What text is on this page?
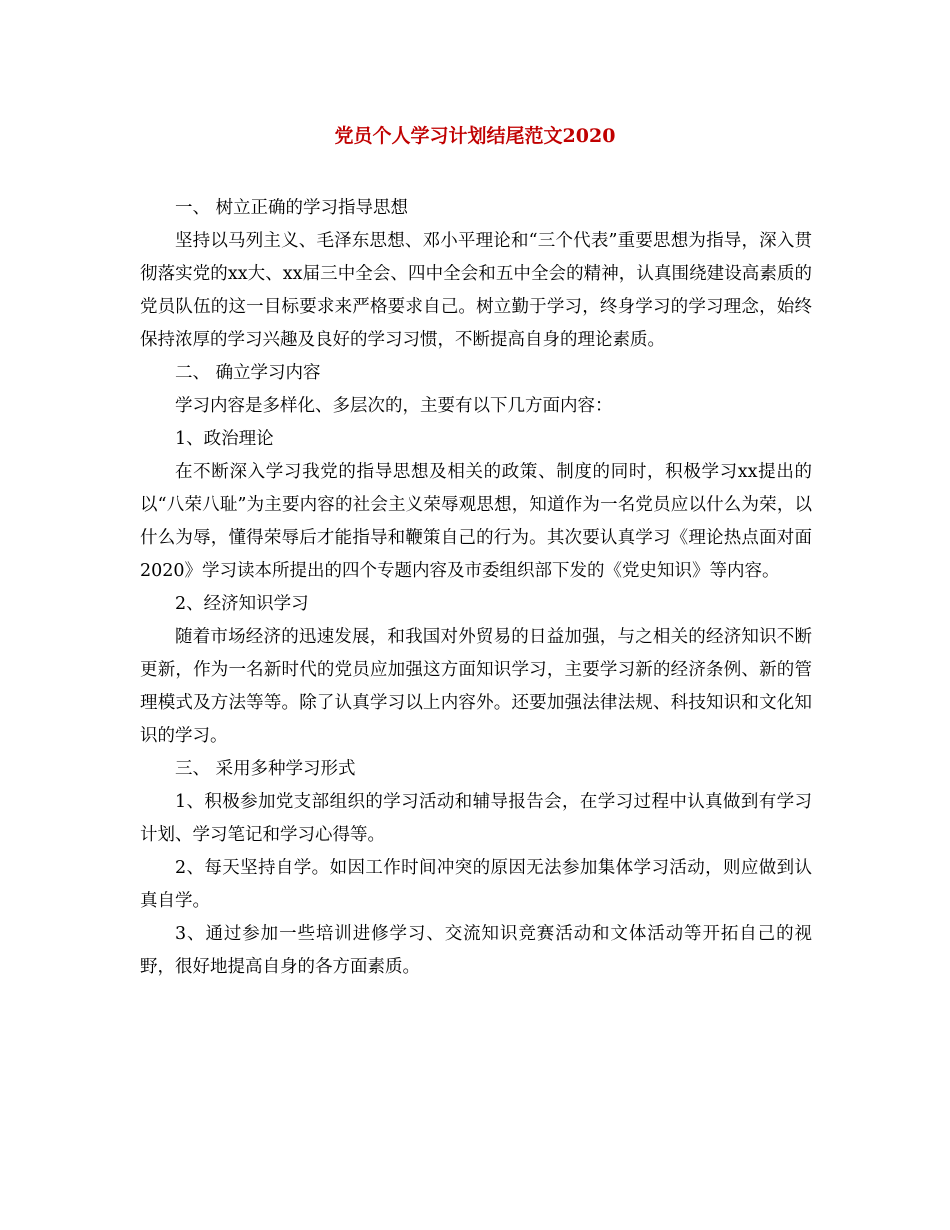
党员个人学习计划结尾范文2020

一、 树立正确的学习指导思想

坚持以马列主义、毛泽东思想、邓小平理论和“三个代表”重要思想为指导，深入贯彻落实党的xx大、xx届三中全会、四中全会和五中全会的精神，认真围绕建设高素质的党员队伍的这一目标要求来严格要求自己。树立勤于学习，终身学习的学习理念，始终保持浓厚的学习兴趣及良好的学习习惯，不断提高自身的理论素质。

二、 确立学习内容

学习内容是多样化、多层次的，主要有以下几方面内容：

1、政治理论

在不断深入学习我党的指导思想及相关的政策、制度的同时，积极学习xx提出的以“八荣八耻”为主要内容的社会主义荣辱观思想，知道作为一名党员应以什么为荣，以什么为辱，懂得荣辱后才能指导和鞭策自己的行为。其次要认真学习《理论热点面对面2020》学习读本所提出的四个专题内容及市委组织部下发的《党史知识》等内容。

2、经济知识学习

随着市场经济的迅速发展，和我国对外贸易的日益加强，与之相关的经济知识不断更新，作为一名新时代的党员应加强这方面知识学习，主要学习新的经济条例、新的管理模式及方法等等。除了认真学习以上内容外。还要加强法律法规、科技知识和文化知识的学习。

三、 采用多种学习形式

1、积极参加党支部组织的学习活动和辅导报告会，在学习过程中认真做到有学习计划、学习笔记和学习心得等。

2、每天坚持自学。如因工作时间冲突的原因无法参加集体学习活动，则应做到认真自学。

3、通过参加一些培训进修学习、交流知识竞赛活动和文体活动等开拓自己的视野，很好地提高自身的各方面素质。
